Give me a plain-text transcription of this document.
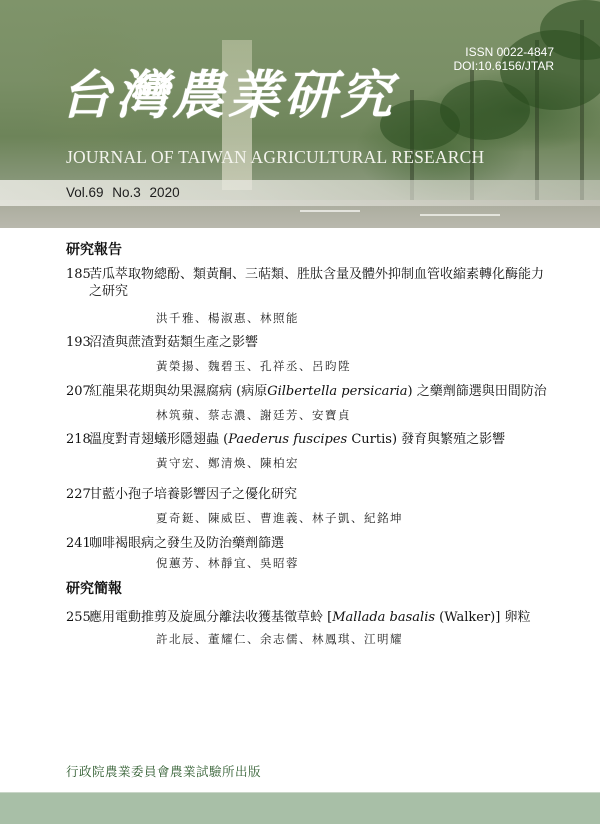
ISSN 0022-4847
DOI:10.6156/JTAR
台灣農業研究
JOURNAL OF TAIWAN AGRICULTURAL RESEARCH
Vol.69 No.3 2020
研究報告
185
苦瓜萃取物總酚、類黃酮、三萜類、胜肽含量及體外抑制血管收縮素轉化酶能力
之研究
洪千雅、楊淑惠、林照能
193
沼渣與蔗渣對菇類生產之影響
黃榮揚、魏碧玉、孔祥丞、呂昀陞
207
紅龍果花期與幼果濕腐病 (病原Gilbertella persicaria) 之藥劑篩選與田間防治
林筑蘋、蔡志濃、謝廷芳、安寶貞
218
溫度對青翅蟻形隱翅蟲 (Paederus fuscipes Curtis) 發育與繁殖之影響
黃守宏、鄭清煥、陳柏宏
227
甘藍小孢子培養影響因子之優化研究
夏奇鋌、陳威臣、曹進義、林子凱、紀銘坤
241
咖啡褐眼病之發生及防治藥劑篩選
倪蕙芳、林靜宜、吳昭蓉
研究簡報
255
應用電動推剪及旋風分離法收獲基徵草蛉 [Mallada basalis (Walker)] 卵粒
許北辰、董耀仁、余志儒、林鳳琪、江明耀
行政院農業委員會農業試驗所出版
